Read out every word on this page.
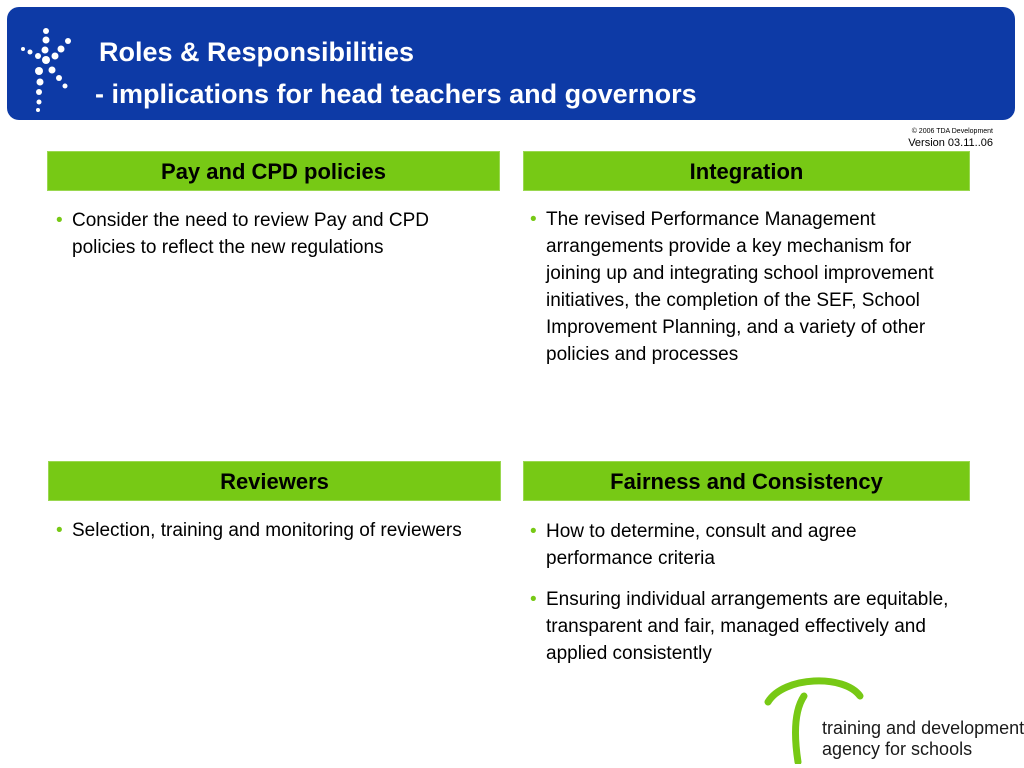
Roles & Responsibilities
- implications for head teachers and governors
© 2006 TDA Development
Version 03.11..06
Pay and CPD policies
• Consider the need to review Pay and CPD policies to reflect the new regulations
Integration
• The revised Performance Management arrangements provide a key mechanism for joining up and integrating school improvement initiatives, the completion of the SEF, School Improvement Planning, and a variety of other policies and processes
Reviewers
• Selection, training and monitoring of reviewers
Fairness and Consistency
• How to determine, consult and agree performance criteria
• Ensuring individual arrangements are equitable, transparent and fair, managed effectively and applied consistently
training and development
agency for schools
